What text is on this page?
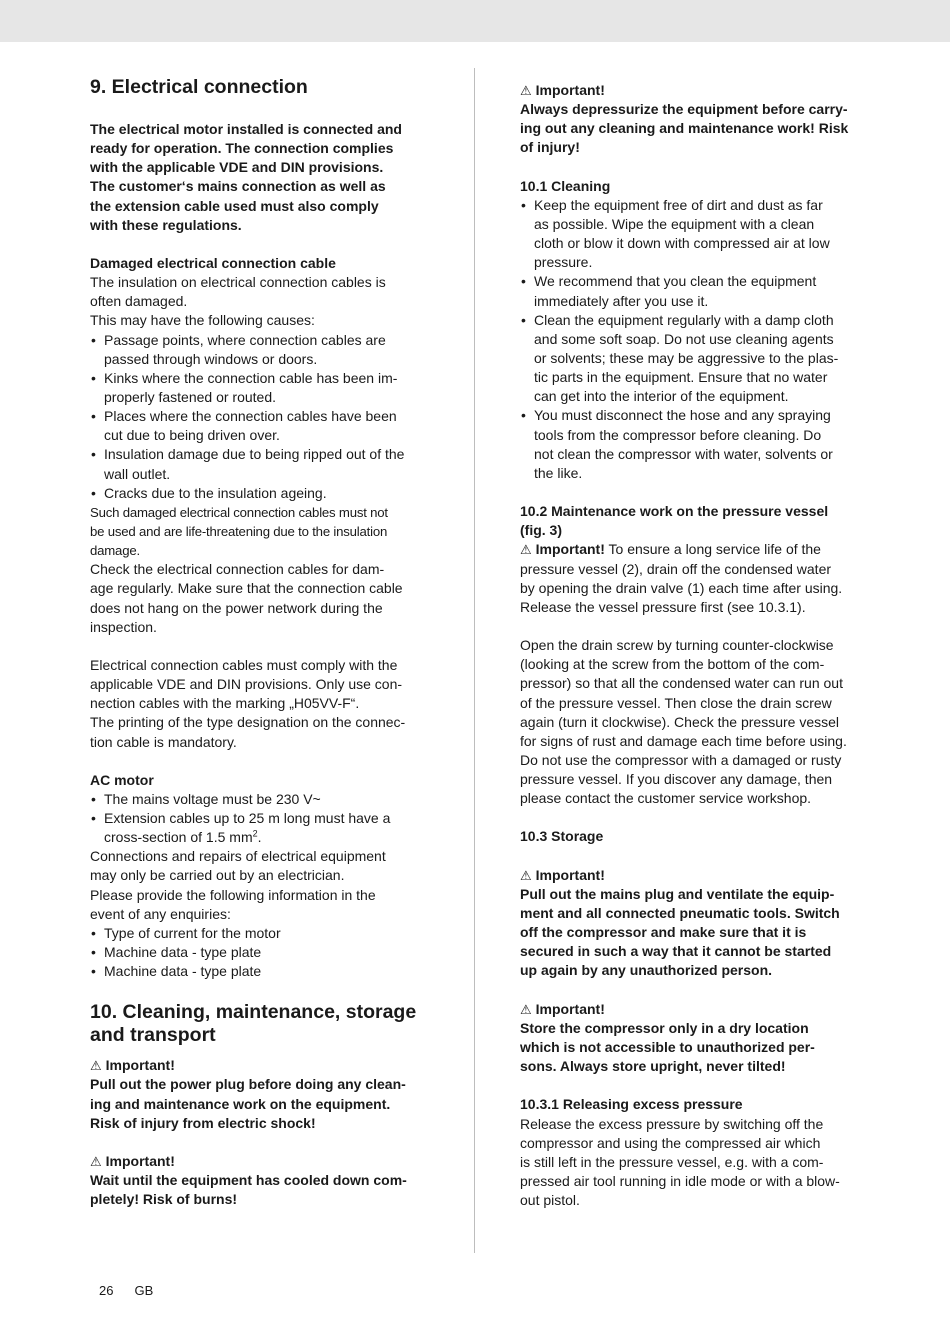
9. Electrical connection
The electrical motor installed is connected and
ready for operation. The connection complies
with the applicable VDE and DIN provisions.
The customer‘s mains connection as well as
the extension cable used must also comply
with these regulations.
Damaged electrical connection cable
The insulation on electrical connection cables is
often damaged.
This may have the following causes:
• Passage points, where connection cables are
passed through windows or doors.
• Kinks where the connection cable has been im-
properly fastened or routed.
• Places where the connection cables have been
cut due to being driven over.
• Insulation damage due to being ripped out of the
wall outlet.
• Cracks due to the insulation ageing.
Such damaged electrical connection cables must not
be used and are life-threatening due to the insulation
damage.
Check the electrical connection cables for dam-
age regularly. Make sure that the connection cable
does not hang on the power network during the
inspection.
Electrical connection cables must comply with the
applicable VDE and DIN provisions. Only use con-
nection cables with the marking „H05VV-F“.
The printing of the type designation on the connec-
tion cable is mandatory.
AC motor
• The mains voltage must be 230 V~
• Extension cables up to 25 m long must have a
cross-section of 1.5 $mm^2$.
Connections and repairs of electrical equipment
may only be carried out by an electrician.
Please provide the following information in the
event of any enquiries:
• Type of current for the motor
• Machine data - type plate
• Machine data - type plate
10. Cleaning, maintenance, storage
and transport
⚠ Important!
Pull out the power plug before doing any clean-
ing and maintenance work on the equipment.
Risk of injury from electric shock!
⚠ Important!
Wait until the equipment has cooled down com-
pletely! Risk of burns!
⚠ Important!
Always depressurize the equipment before carry-
ing out any cleaning and maintenance work! Risk
of injury!
10.1 Cleaning
• Keep the equipment free of dirt and dust as far
as possible. Wipe the equipment with a clean
cloth or blow it down with compressed air at low
pressure.
• We recommend that you clean the equipment
immediately after you use it.
• Clean the equipment regularly with a damp cloth
and some soft soap. Do not use cleaning agents
or solvents; these may be aggressive to the plas-
tic parts in the equipment. Ensure that no water
can get into the interior of the equipment.
• You must disconnect the hose and any spraying
tools from the compressor before cleaning. Do
not clean the compressor with water, solvents or
the like.
10.2 Maintenance work on the pressure vessel
(fig. 3)
⚠ Important! To ensure a long service life of the
pressure vessel (2), drain off the condensed water
by opening the drain valve (1) each time after using.
Release the vessel pressure first (see 10.3.1).
Open the drain screw by turning counter-clockwise
(looking at the screw from the bottom of the com-
pressor) so that all the condensed water can run out
of the pressure vessel. Then close the drain screw
again (turn it clockwise). Check the pressure vessel
for signs of rust and damage each time before using.
Do not use the compressor with a damaged or rusty
pressure vessel. If you discover any damage, then
please contact the customer service workshop.
10.3 Storage
⚠ Important!
Pull out the mains plug and ventilate the equip-
ment and all connected pneumatic tools. Switch
off the compressor and make sure that it is
secured in such a way that it cannot be started
up again by any unauthorized person.
⚠ Important!
Store the compressor only in a dry location
which is not accessible to unauthorized per-
sons. Always store upright, never tilted!
10.3.1 Releasing excess pressure
Release the excess pressure by switching off the
compressor and using the compressed air which
is still left in the pressure vessel, e.g. with a com-
pressed air tool running in idle mode or with a blow-
out pistol.
26 GB
